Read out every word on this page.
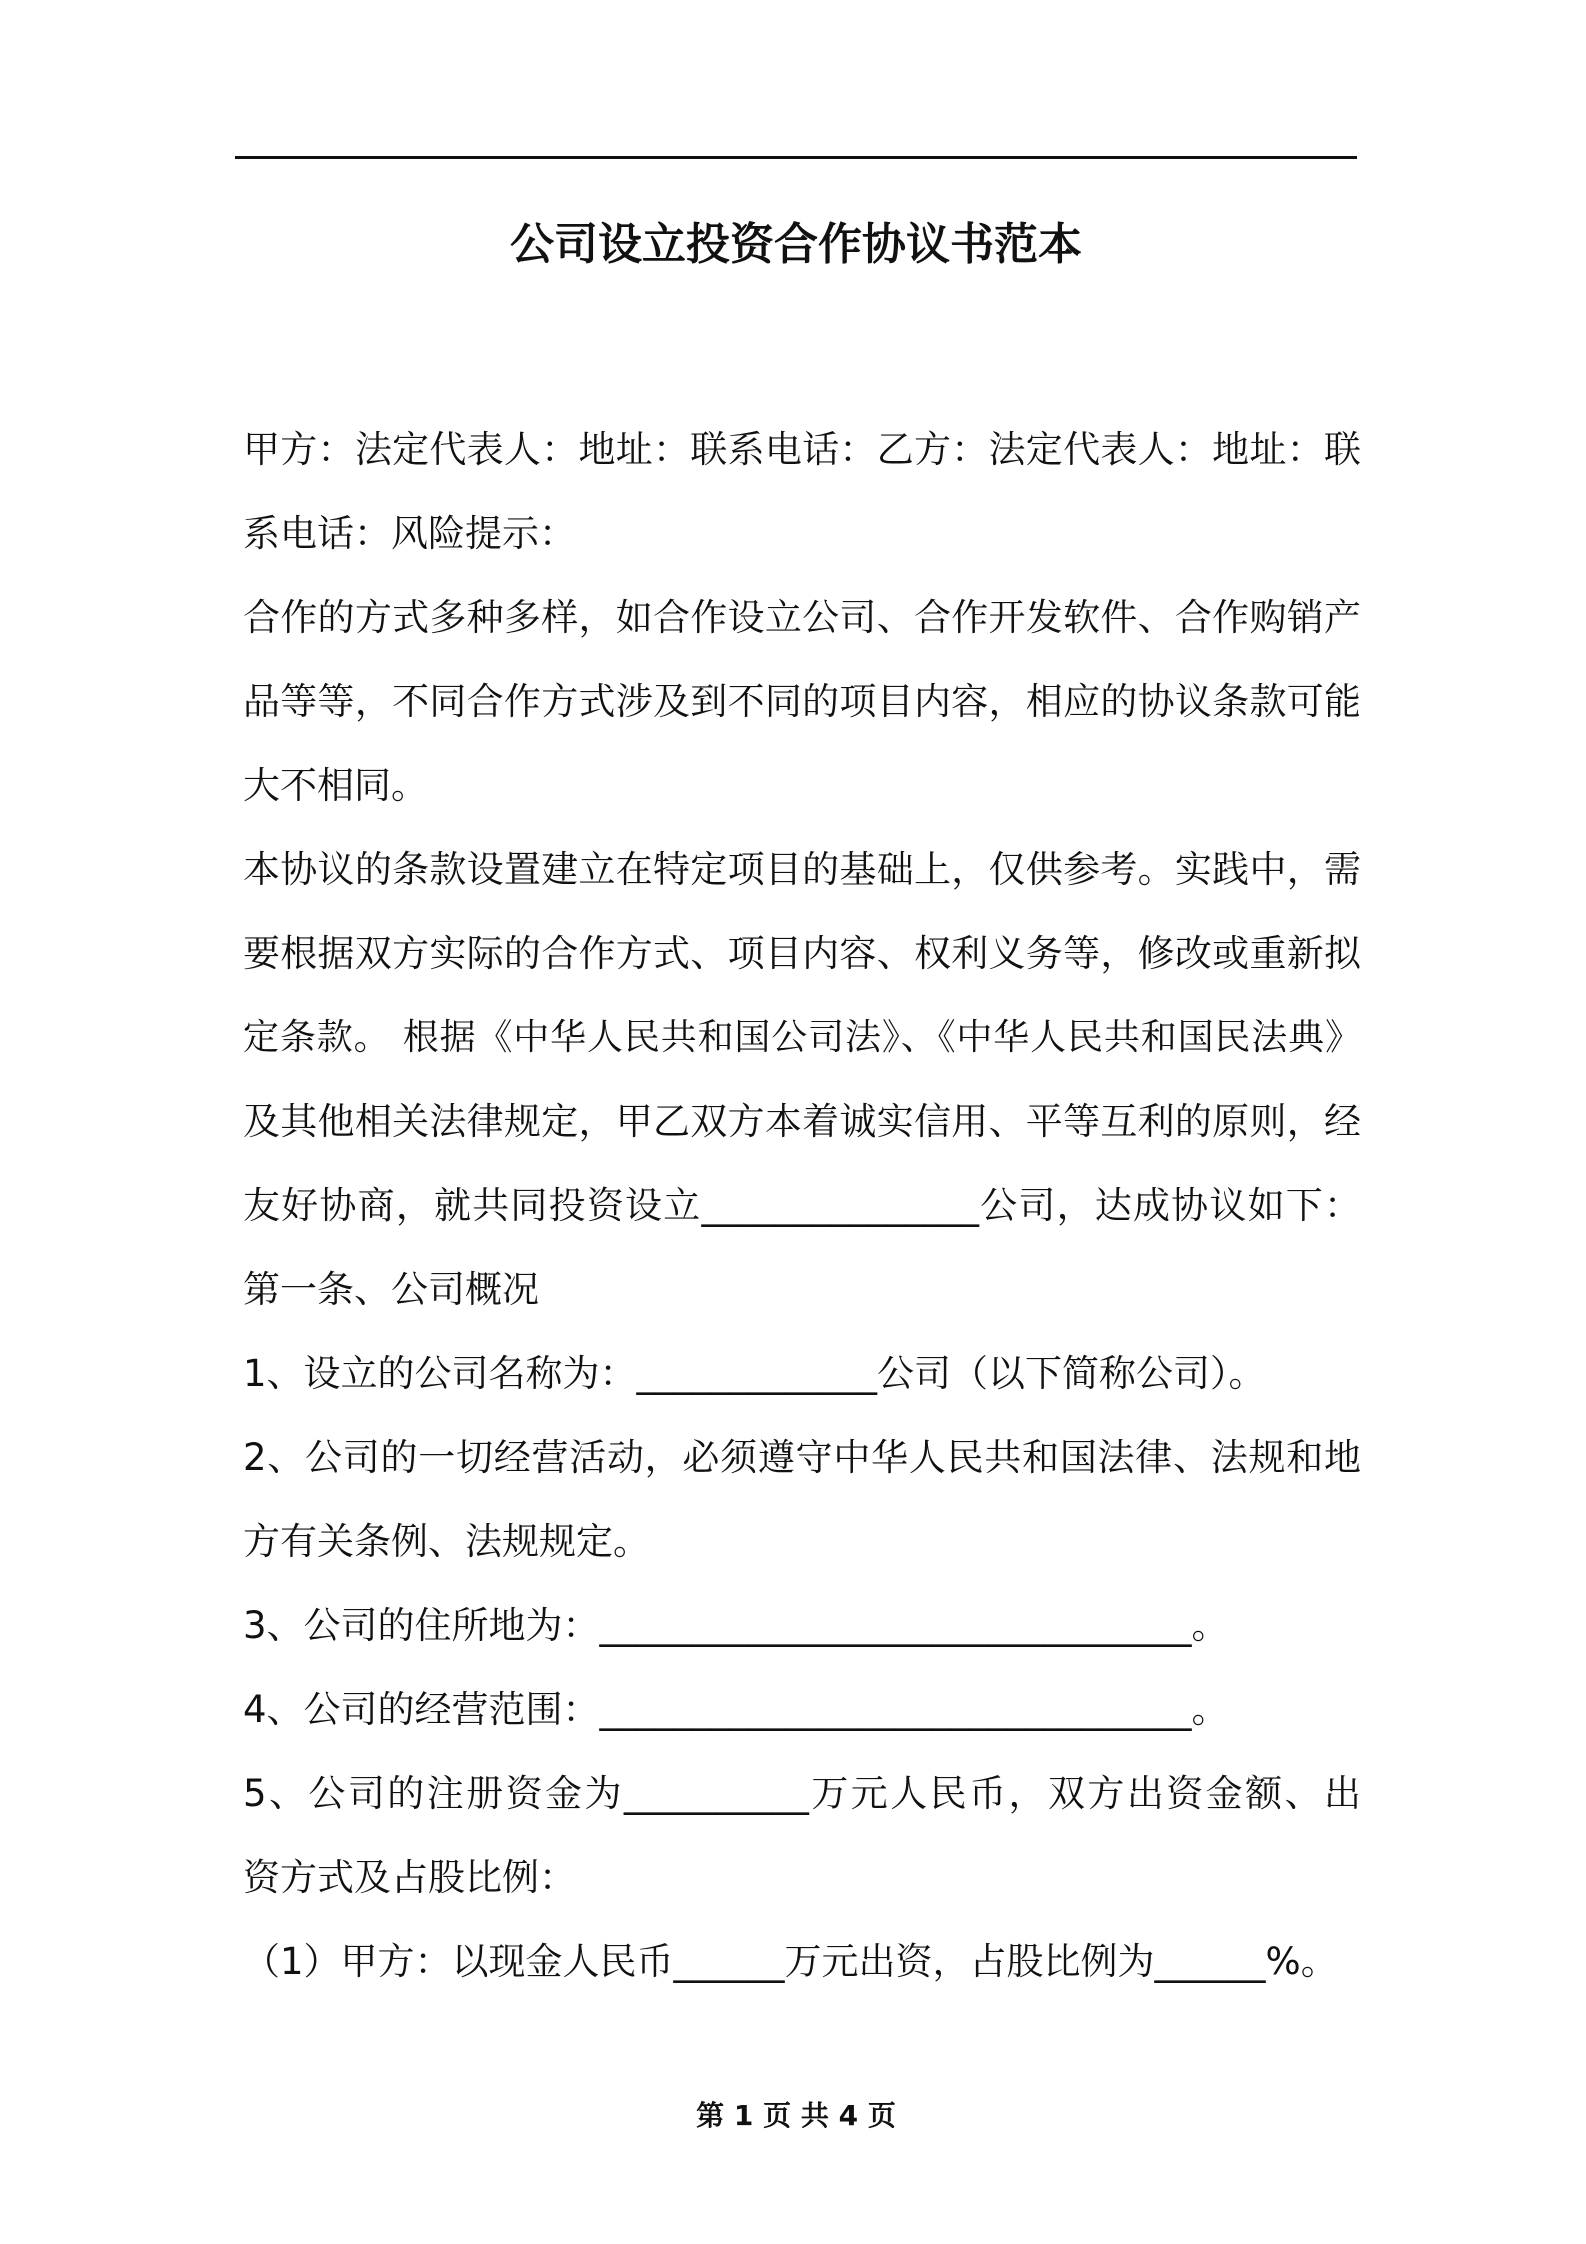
公司设立投资合作协议书范本
甲方：法定代表人：地址：联系电话：乙方：法定代表人：地址：联
系电话：风险提示：
合作的方式多种多样，如合作设立公司、合作开发软件、合作购销产
品等等，不同合作方式涉及到不同的项目内容，相应的协议条款可能
大不相同。
本协议的条款设置建立在特定项目的基础上，仅供参考。实践中，需
要根据双方实际的合作方式、项目内容、权利义务等，修改或重新拟
定条款。 根据《中华人民共和国公司法》、《中华人民共和国民法典》
及其他相关法律规定，甲乙双方本着诚实信用、平等互利的原则，经
友好协商，就共同投资设立_______________公司，达成协议如下：
第一条、公司概况
1、设立的公司名称为：_____________公司（以下简称公司）。
2、公司的一切经营活动，必须遵守中华人民共和国法律、法规和地
方有关条例、法规规定。
3、公司的住所地为：________________________________。
4、公司的经营范围：________________________________。
5、公司的注册资金为__________万元人民币，双方出资金额、出
资方式及占股比例：
（1）甲方：以现金人民币______万元出资，占股比例为______%。
第 1 页 共 4 页
